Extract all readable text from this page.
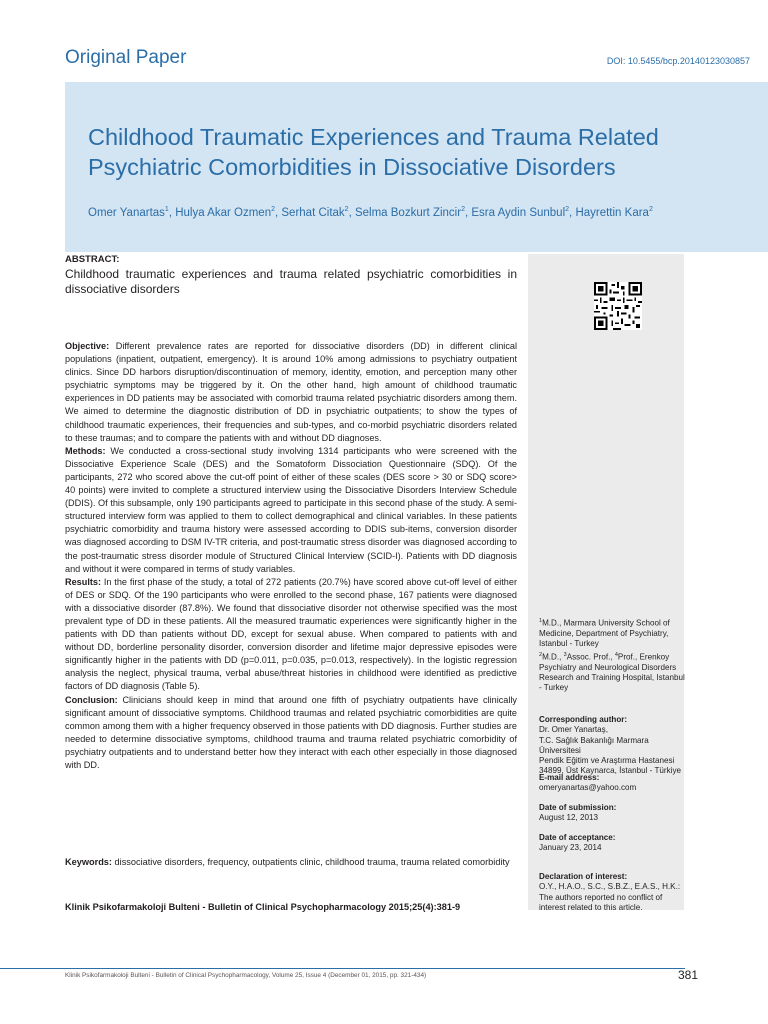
Original Paper	DOI: 10.5455/bcp.20140123030857
Childhood Traumatic Experiences and Trauma Related
Psychiatric Comorbidities in Dissociative Disorders
Omer Yanartas$^1$, Hulya Akar Ozmen$^2$, Serhat Citak$^2$, Selma Bozkurt Zincir$^2$, Esra Aydin Sunbul$^2$, Hayrettin Kara$^2$
ABSTRACT:

Childhood traumatic experiences and trauma related psychiatric comorbidities in dissociative disorders

Objective: Different prevalence rates are reported for dissociative disorders (DD) in different clinical populations (inpatient, outpatient, emergency). It is around 10% among admissions to psychiatry outpatient clinics. Since DD harbors disruption/discontinuation of memory, identity, emotion, and perception many other psychiatric symptoms may be triggered by it. On the other hand, high amount of childhood traumatic experiences in DD patients may be associated with comorbid trauma related psychiatric disorders among them. We aimed to determine the diagnostic distribution of DD in psychiatric outpatients; to show the types of childhood traumatic experiences, their frequencies and sub-types, and co-morbid psychiatric disorders related to these traumas; and to compare the patients with and without DD diagnoses.

Methods: We conducted a cross-sectional study involving 1314 participants who were screened with the Dissociative Experience Scale (DES) and the Somatoform Dissociation Questionnaire (SDQ). Of the participants, 272 who scored above the cut-off point of either of these scales (DES score > 30 or SDQ score> 40 points) were invited to complete a structured interview using the Dissociative Disorders Interview Schedule (DDIS). Of this subsample, only 190 participants agreed to participate in this second phase of the study. A semi-structured interview form was applied to them to collect demographical and clinical variables. In these patients psychiatric comorbidity and trauma history were assessed according to DDIS sub-items, conversion disorder was diagnosed according to DSM IV-TR criteria, and post-traumatic stress disorder was diagnosed according to the post-traumatic stress disorder module of Structured Clinical Interview (SCID-I). Patients with DD diagnosis and without it were compared in terms of study variables.

Results: In the first phase of the study, a total of 272 patients (20.7%) have scored above cut-off level of either of DES or SDQ. Of the 190 participants who were enrolled to the second phase, 167 patients were diagnosed with a dissociative disorder (87.8%). We found that dissociative disorder not otherwise specified was the most prevalent type of DD in these patients. All the measured traumatic experiences were significantly higher in the patients with DD than patients without DD, except for sexual abuse. When compared to patients with and without DD, borderline personality disorder, conversion disorder and lifetime major depressive episodes were significantly higher in the patients with DD (p=0.011, p=0.035, p=0.013, respectively). In the logistic regression analysis the neglect, physical trauma, verbal abuse/threat histories in childhood were identified as predictive factors of DD diagnosis (Table 5).

Conclusion: Clinicians should keep in mind that around one fifth of psychiatry outpatients have clinically significant amount of dissociative symptoms. Childhood traumas and related psychiatric comorbidities are quite common among them with a higher frequency observed in those patients with DD diagnosis. Further studies are needed to determine dissociative symptoms, childhood trauma and trauma related psychiatric comorbidity of psychiatry outpatients and to understand better how they interact with each other especially in those diagnosed with DD.

Keywords: dissociative disorders, frequency, outpatients clinic, childhood trauma, trauma related comorbidity
Klinik Psikofarmakoloji Bulteni - Bulletin of Clinical Psychopharmacology 2015;25(4):381-9
$^1$M.D., Marmara University School of Medicine, Department of Psychiatry, Istanbul - Turkey
$^2$M.D., $^3$Assoc. Prof., $^4$Prof., Erenkoy Psychiatry and Neurological Disorders Research and Training Hospital, Istanbul - Turkey
Corresponding author:
Dr. Omer Yanartaş,
T.C. Sağlık Bakanlığı Marmara Üniversitesi
Pendik Eğitim ve Araştırma Hastanesi
34899, Üst Kaynarca, İstanbul - Türkiye
E-mail address:
omeryanartas@yahoo.com
Date of submission:
August 12, 2013
Date of acceptance:
January 23, 2014
Declaration of interest:
O.Y., H.A.O., S.C., S.B.Z., E.A.S., H.K.: The authors reported no conflict of interest related to this article.
Klinik Psikofarmakoloji Bulteni - Bulletin of Clinical Psychopharmacology, Volume 25, Issue 4 (December 01, 2015, pp. 321-434)	381
